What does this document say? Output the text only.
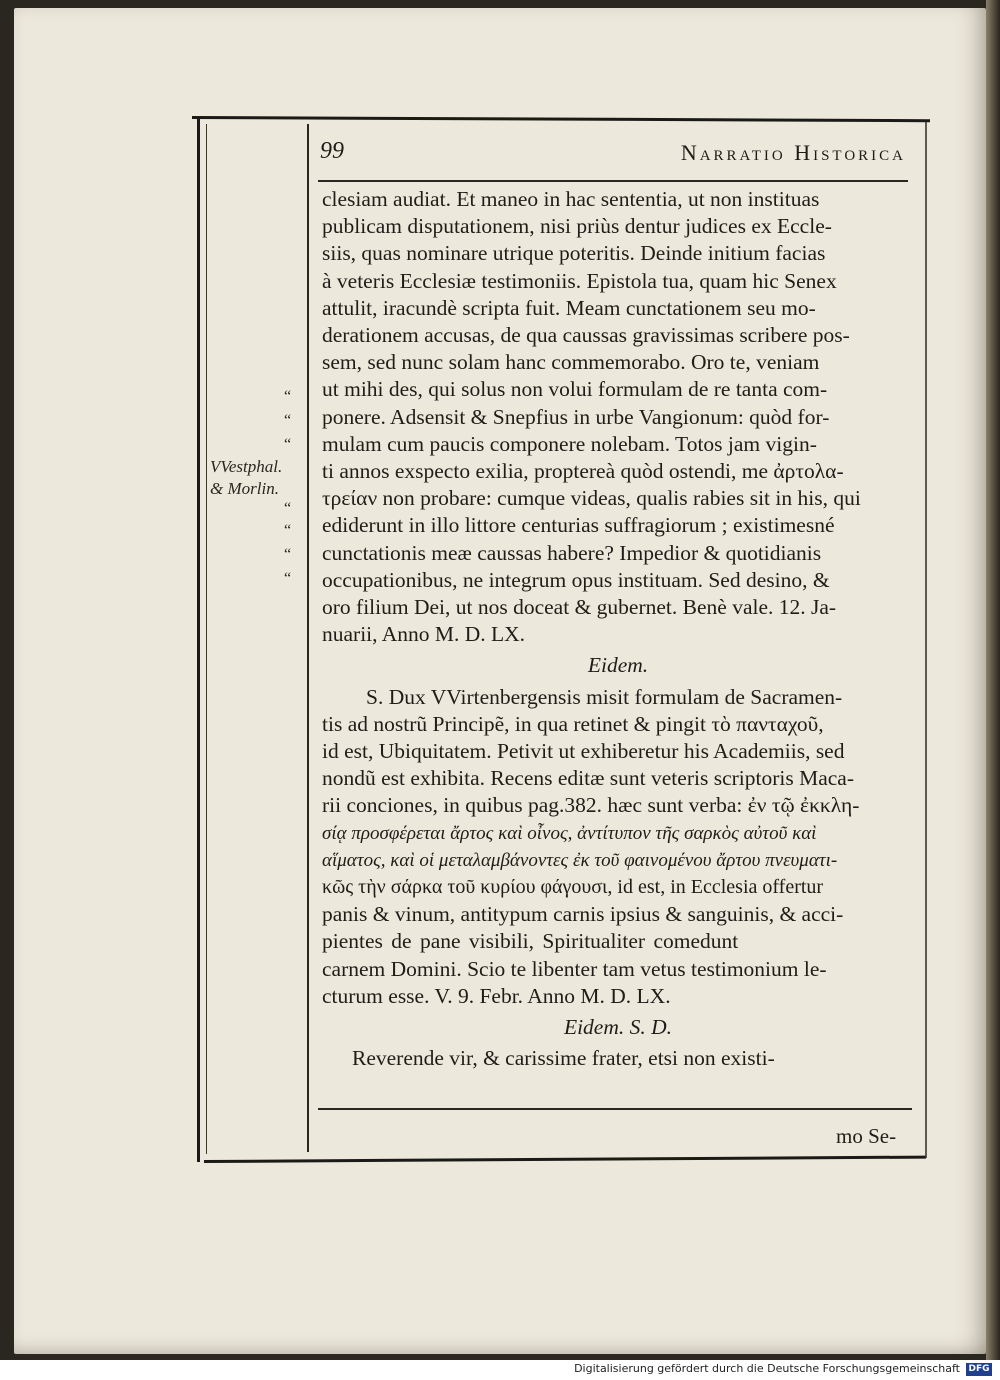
99	Narratio Historica
clesiam audiat. Et maneo in hac sententia, ut non instituas
publicam disputationem, nisi priùs dentur judices ex Eccle-
siis, quas nominare utrique poteritis. Deinde initium facias
à veteris Ecclesiæ testimoniis. Epistola tua, quam hic Senex
attulit, iracundè scripta fuit. Meam cunctationem seu mo-
derationem accusas, de qua caussas gravissimas scribere pos-
sem, sed nunc solam hanc commemorabo. Oro te, veniam
ut mihi des, qui solus non volui formulam de re tanta com-
ponere. Adsensit & Snepfius in urbe Vangionum: quòd for-
mulam cum paucis componere nolebam. Totos jam vigin-
ti annos exspecto exilia, proptereà quòd ostendi, me ἀρτολα-
τρείαν non probare: cumque videas, qualis rabies sit in his, qui
ediderunt in illo littore centurias suffragiorum ; existimesné
cunctationis meæ caussas habere? Impedior & quotidianis
occupationibus, ne integrum opus instituam. Sed desino, &
oro filium Dei, ut nos doceat & gubernet. Benè vale. 12. Ja-
nuarii, Anno M. D. LX.
Eidem.
S. Dux VVirtenbergensis misit formulam de Sacramen-
tis ad nostrũ Principẽ, in qua retinet & pingit τὸ πανταχοῦ,
id est, Ubiquitatem. Petivit ut exhiberetur his Academiis, sed
nondũ est exhibita. Recens editæ sunt veteris scriptoris Maca-
rii conciones, in quibus pag.382. hæc sunt verba: ἐν τῷ ἐκκλη-
σίᾳ προσφέρεται ἄρτος καὶ οἶνος, ἀντίτυπον τῆς σαρκὸς αὐτοῦ καὶ
αἵματος, καὶ οἱ μεταλαμβάνοντες ἐκ τοῦ φαινομένου ἄρτου πνευματι-
κῶς τὴν σάρκα τοῦ κυρίου φάγουσι, id est, in Ecclesia offertur
panis & vinum, antitypum carnis ipsius & sanguinis, & acci-
pientes de pane visibili, Spiritualiter comedunt
carnem Domini. Scio te libenter tam vetus testimonium le-
cturum esse. V. 9. Febr. Anno M. D. LX.
Eidem. S. D.
Reverende vir, & carissime frater, etsi non existi-
“
“
“
VVestphal.
& Morlin.
“
“
“
“
mo Se-
Digitalisierung gefördert durch die Deutsche Forschungsgemeinschaft DFG
